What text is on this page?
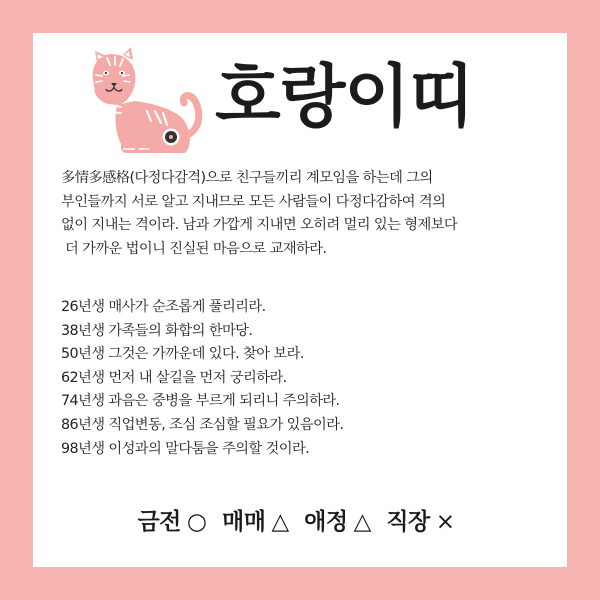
호랑이띠
多情多感格(다정다감격)으로 친구들끼리 계모임을 하는데 그의
부인들까지 서로 알고 지내므로 모든 사람들이 다정다감하여 격의
없이 지내는 격이라. 남과 가깝게 지내면 오히려 멀리 있는 형제보다
더 가까운 법이니 진실된 마음으로 교재하라.
26년생 매사가 순조롭게 풀리리라.
38년생 가족들의 화합의 한마당.
50년생 그것은 가까운데 있다. 찾아 보라.
62년생 먼저 내 살길을 먼저 궁리하라.
74년생 과음은 중병을 부르게 되리니 주의하라.
86년생 직업변동, 조심 조심할 필요가 있음이라.
98년생 이성과의 말다툼을 주의할 것이라.
금전 ○ 매매 △ 애정 △ 직장 ×
